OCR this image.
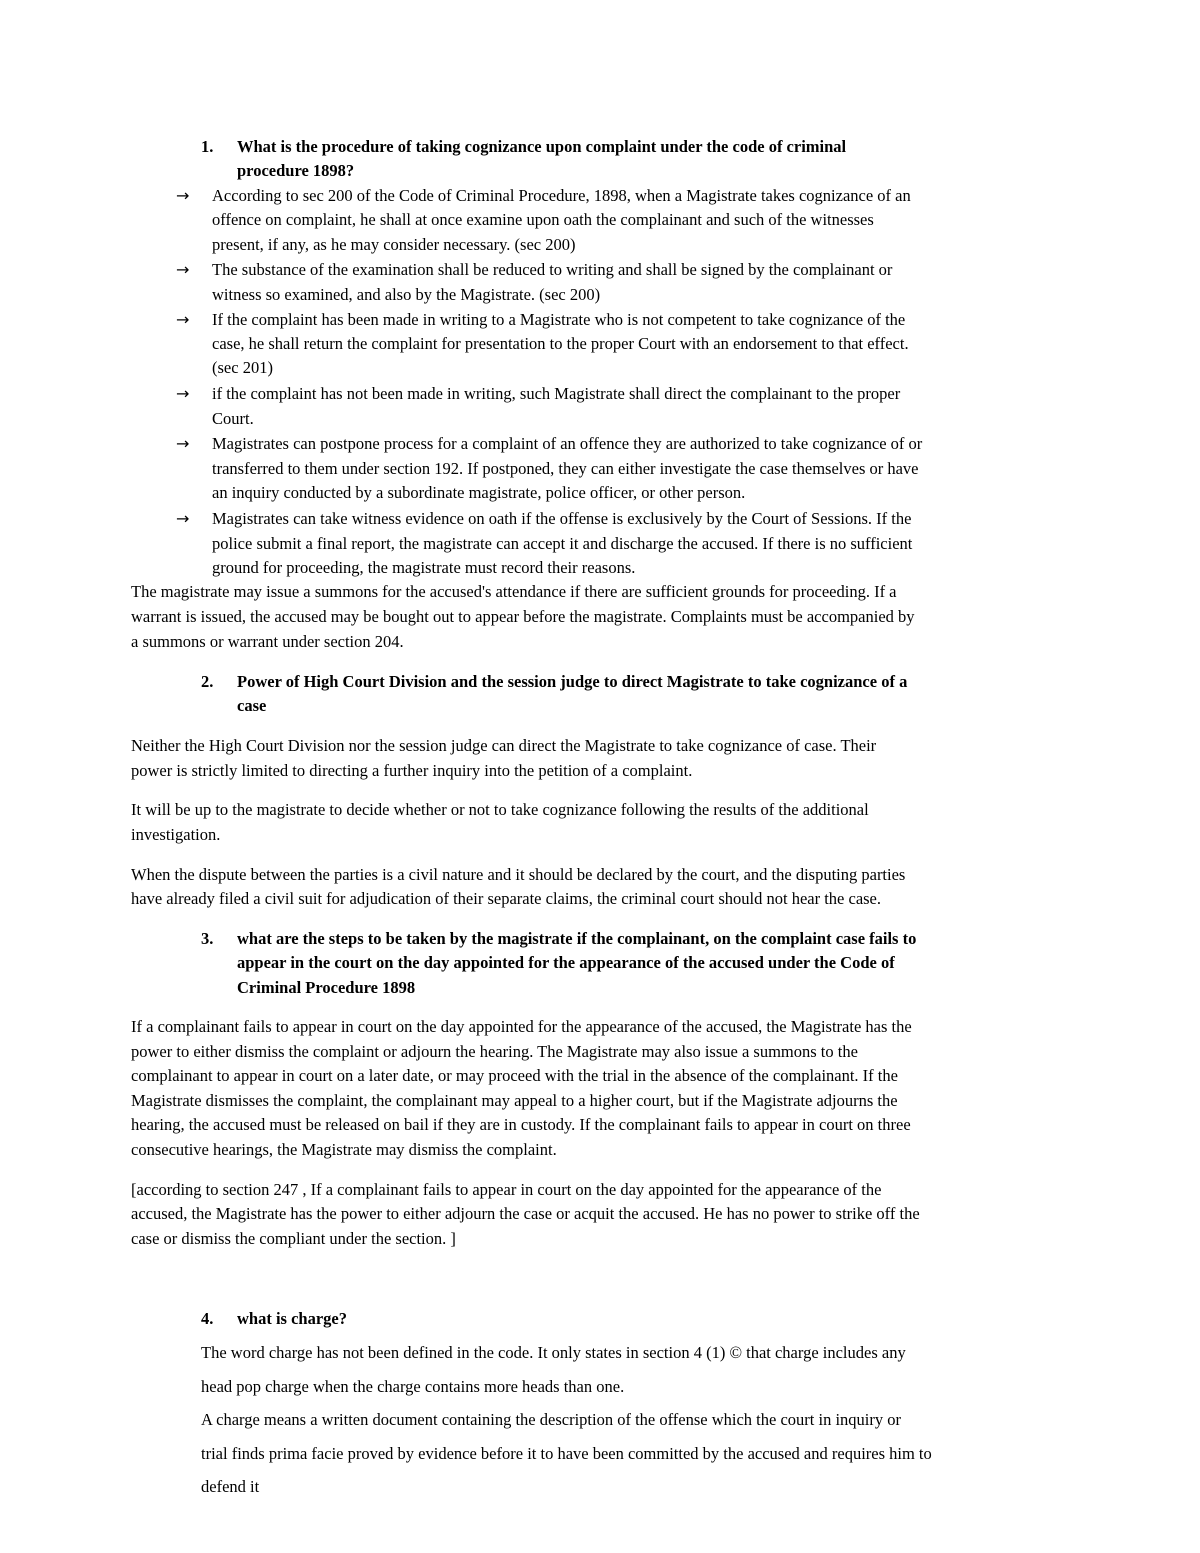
1. What is the procedure of taking cognizance upon complaint under the code of criminal
procedure 1898?
→ According to sec 200 of the Code of Criminal Procedure, 1898, when a Magistrate takes cognizance of an
offence on complaint, he shall at once examine upon oath the complainant and such of the witnesses
present, if any, as he may consider necessary. (sec 200)
→ The substance of the examination shall be reduced to writing and shall be signed by the complainant or
witness so examined, and also by the Magistrate. (sec 200)
→ If the complaint has been made in writing to a Magistrate who is not competent to take cognizance of the
case, he shall return the complaint for presentation to the proper Court with an endorsement to that effect.
(sec 201)
→ if the complaint has not been made in writing, such Magistrate shall direct the complainant to the proper
Court.
→ Magistrates can postpone process for a complaint of an offence they are authorized to take cognizance of or
transferred to them under section 192. If postponed, they can either investigate the case themselves or have
an inquiry conducted by a subordinate magistrate, police officer, or other person.
→ Magistrates can take witness evidence on oath if the offense is exclusively by the Court of Sessions. If the
police submit a final report, the magistrate can accept it and discharge the accused. If there is no sufficient
ground for proceeding, the magistrate must record their reasons.
The magistrate may issue a summons for the accused's attendance if there are sufficient grounds for proceeding. If a
warrant is issued, the accused may be bought out to appear before the magistrate. Complaints must be accompanied by
a summons or warrant under section 204.
2. Power of High Court Division and the session judge to direct Magistrate to take cognizance of a
case
Neither the High Court Division nor the session judge can direct the Magistrate to take cognizance of case. Their
power is strictly limited to directing a further inquiry into the petition of a complaint.
It will be up to the magistrate to decide whether or not to take cognizance following the results of the additional
investigation.
When the dispute between the parties is a civil nature and it should be declared by the court, and the disputing parties
have already filed a civil suit for adjudication of their separate claims, the criminal court should not hear the case.
3. what are the steps to be taken by the magistrate if the complainant, on the complaint case fails to
appear in the court on the day appointed for the appearance of the accused under the Code of
Criminal Procedure 1898
If a complainant fails to appear in court on the day appointed for the appearance of the accused, the Magistrate has the
power to either dismiss the complaint or adjourn the hearing. The Magistrate may also issue a summons to the
complainant to appear in court on a later date, or may proceed with the trial in the absence of the complainant. If the
Magistrate dismisses the complaint, the complainant may appeal to a higher court, but if the Magistrate adjourns the
hearing, the accused must be released on bail if they are in custody. If the complainant fails to appear in court on three
consecutive hearings, the Magistrate may dismiss the complaint.
[according to section 247 , If a complainant fails to appear in court on the day appointed for the appearance of the
accused, the Magistrate has the power to either adjourn the case or acquit the accused. He has no power to strike off the
case or dismiss the compliant under the section. ]
4. what is charge?
The word charge has not been defined in the code. It only states in section 4 (1) © that charge includes any
head pop charge when the charge contains more heads than one.
A charge means a written document containing the description of the offense which the court in inquiry or
trial finds prima facie proved by evidence before it to have been committed by the accused and requires him to
defend it
